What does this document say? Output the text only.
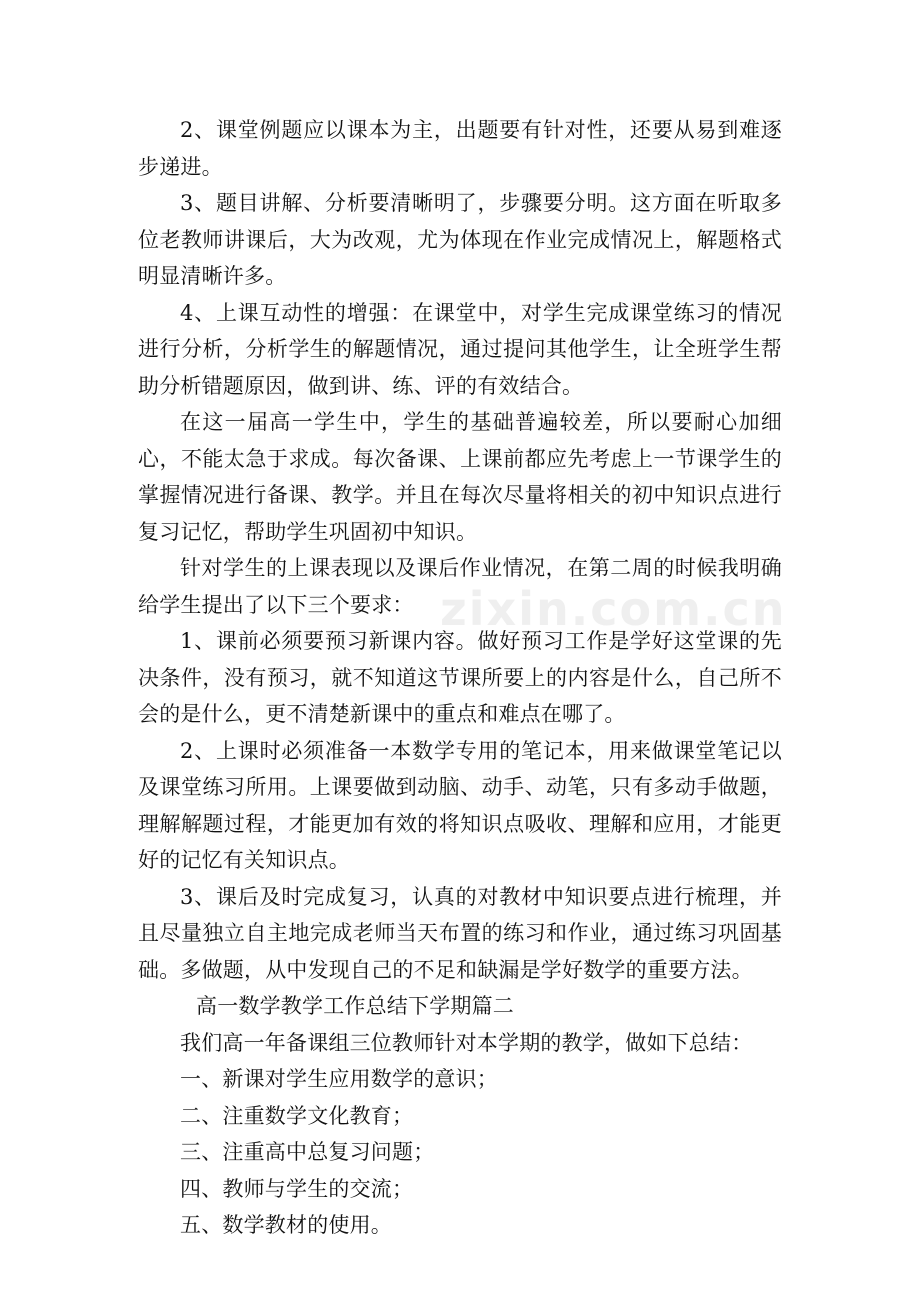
2、课堂例题应以课本为主，出题要有针对性，还要从易到难逐步递进。

3、题目讲解、分析要清晰明了，步骤要分明。这方面在听取多位老教师讲课后，大为改观，尤为体现在作业完成情况上，解题格式明显清晰许多。

4、上课互动性的增强：在课堂中，对学生完成课堂练习的情况进行分析，分析学生的解题情况，通过提问其他学生，让全班学生帮助分析错题原因，做到讲、练、评的有效结合。

在这一届高一学生中，学生的基础普遍较差，所以要耐心加细心，不能太急于求成。每次备课、上课前都应先考虑上一节课学生的掌握情况进行备课、教学。并且在每次尽量将相关的初中知识点进行复习记忆，帮助学生巩固初中知识。

针对学生的上课表现以及课后作业情况，在第二周的时候我明确给学生提出了以下三个要求：

1、课前必须要预习新课内容。做好预习工作是学好这堂课的先决条件，没有预习，就不知道这节课所要上的内容是什么，自己所不会的是什么，更不清楚新课中的重点和难点在哪了。

2、上课时必须准备一本数学专用的笔记本，用来做课堂笔记以及课堂练习所用。上课要做到动脑、动手、动笔，只有多动手做题，理解解题过程，才能更加有效的将知识点吸收、理解和应用，才能更好的记忆有关知识点。

3、课后及时完成复习，认真的对教材中知识要点进行梳理，并且尽量独立自主地完成老师当天布置的练习和作业，通过练习巩固基础。多做题，从中发现自己的不足和缺漏是学好数学的重要方法。

高一数学教学工作总结下学期篇二

我们高一年备课组三位教师针对本学期的教学，做如下总结：

一、新课对学生应用数学的意识；

二、注重数学文化教育；

三、注重高中总复习问题；

四、教师与学生的交流；

五、数学教材的使用。

zixin.com.cn
